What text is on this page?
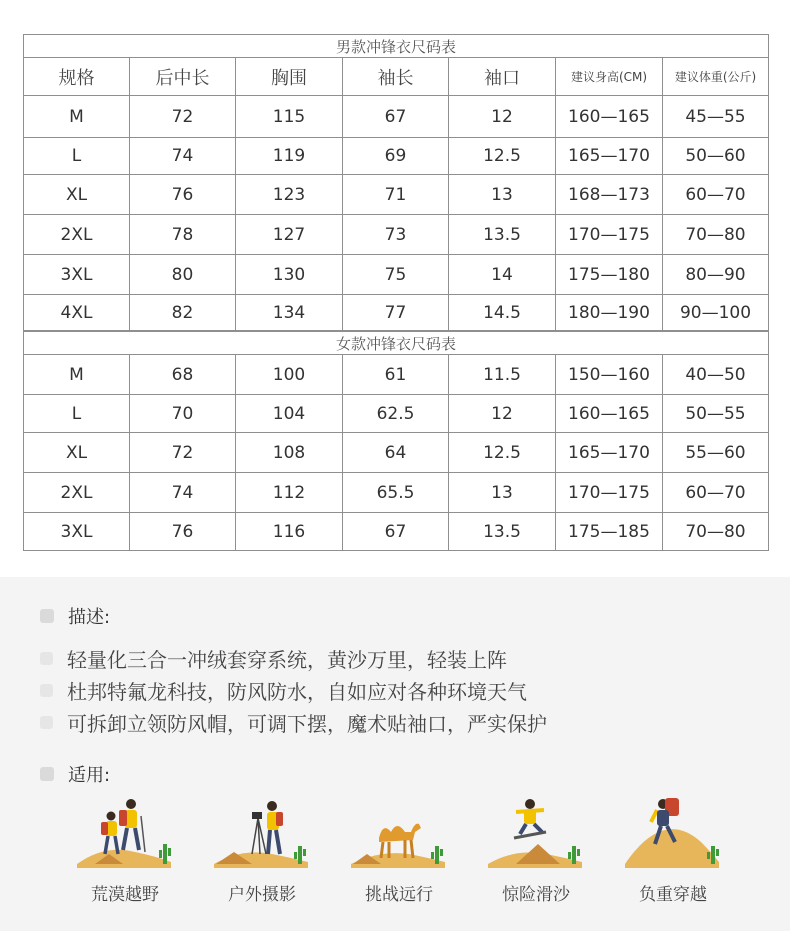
男款冲锋衣尺码表						
规格	后中长	胸围	袖长	袖口	建议身高(CM)	建议体重(公斤)
M	72	115	67	12	160—165	45—55
L	74	119	69	12.5	165—170	50—60
XL	76	123	71	13	168—173	60—70
2XL	78	127	73	13.5	170—175	70—80
3XL	80	130	75	14	175—180	80—90
4XL	82	134	77	14.5	180—190	90—100
女款冲锋衣尺码表						
M	68	100	61	11.5	150—160	40—50
L	70	104	62.5	12	160—165	50—55
XL	72	108	64	12.5	165—170	55—60
2XL	74	112	65.5	13	170—175	60—70
3XL	76	116	67	13.5	175—185	70—80
描述:
轻量化三合一冲绒套穿系统，黄沙万里，轻装上阵
杜邦特氟龙科技，防风防水，自如应对各种环境天气
可拆卸立领防风帽，可调下摆，魔术贴袖口，严实保护
适用:
荒漠越野	户外摄影	挑战远行	惊险滑沙	负重穿越
